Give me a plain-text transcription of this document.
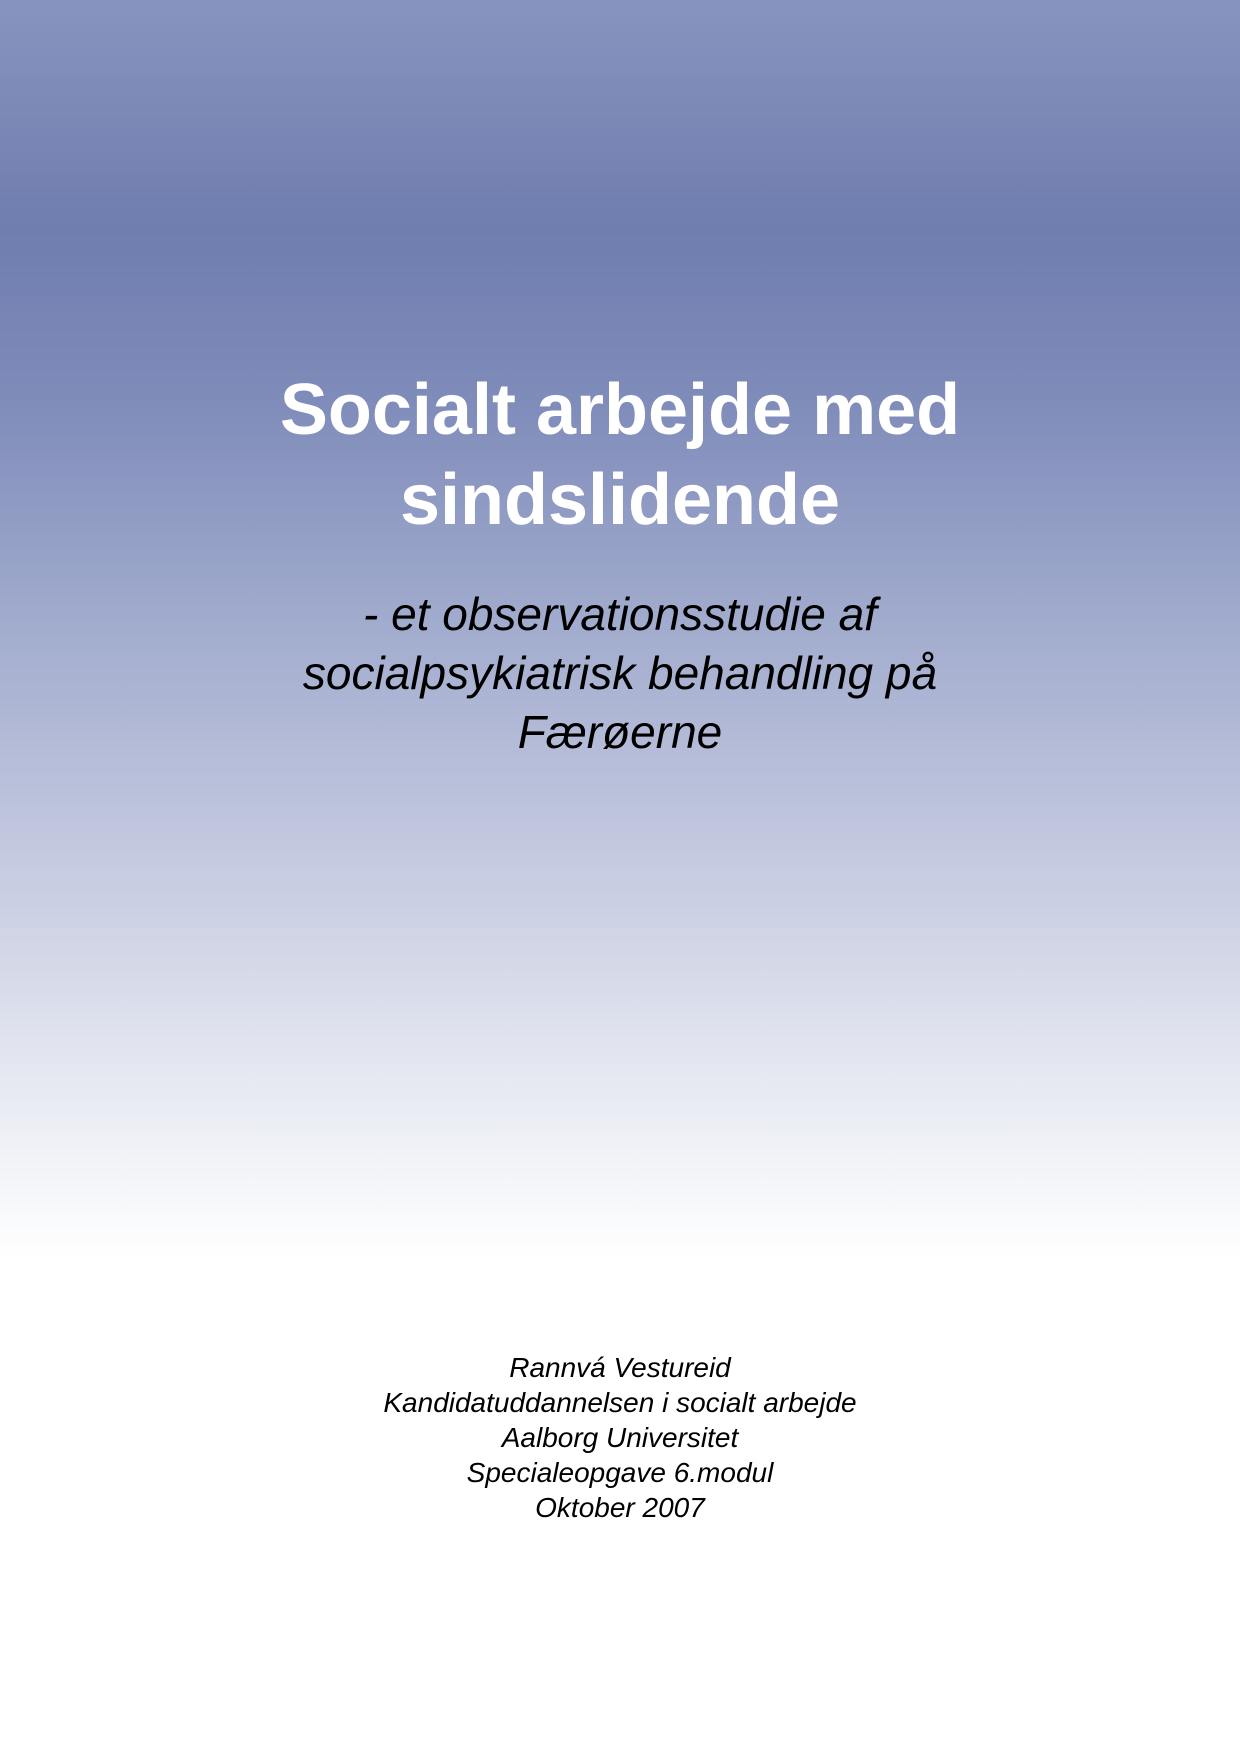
Socialt arbejde med
sindslidende
- et observationsstudie af
socialpsykiatrisk behandling på
Færøerne
Rannvá Vestureid
Kandidatuddannelsen i socialt arbejde
Aalborg Universitet
Specialeopgave 6.modul
Oktober 2007
